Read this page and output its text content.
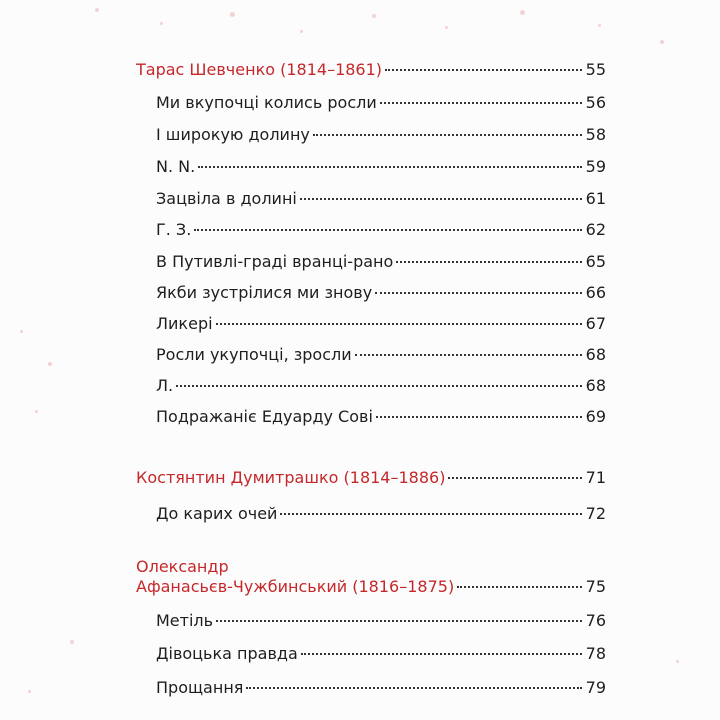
Тарас Шевченко (1814–1861)	55
Ми вкупочці колись росли	56
І широкую долину	58
N. N.	59
Зацвіла в долині	61
Г. З.	62
В Путивлі-граді вранці-рано	65
Якби зустрілися ми знову	66
Ликері	67
Росли укупочці, зросли	68
Л.	68
Подражаніє Едуарду Сові	69
Костянтин Думитрашко (1814–1886)	71
До карих очей	72
Олександр
Афанасьєв-Чужбинський (1816–1875)	75
Метіль	76
Дівоцька правда	78
Прощання	79
